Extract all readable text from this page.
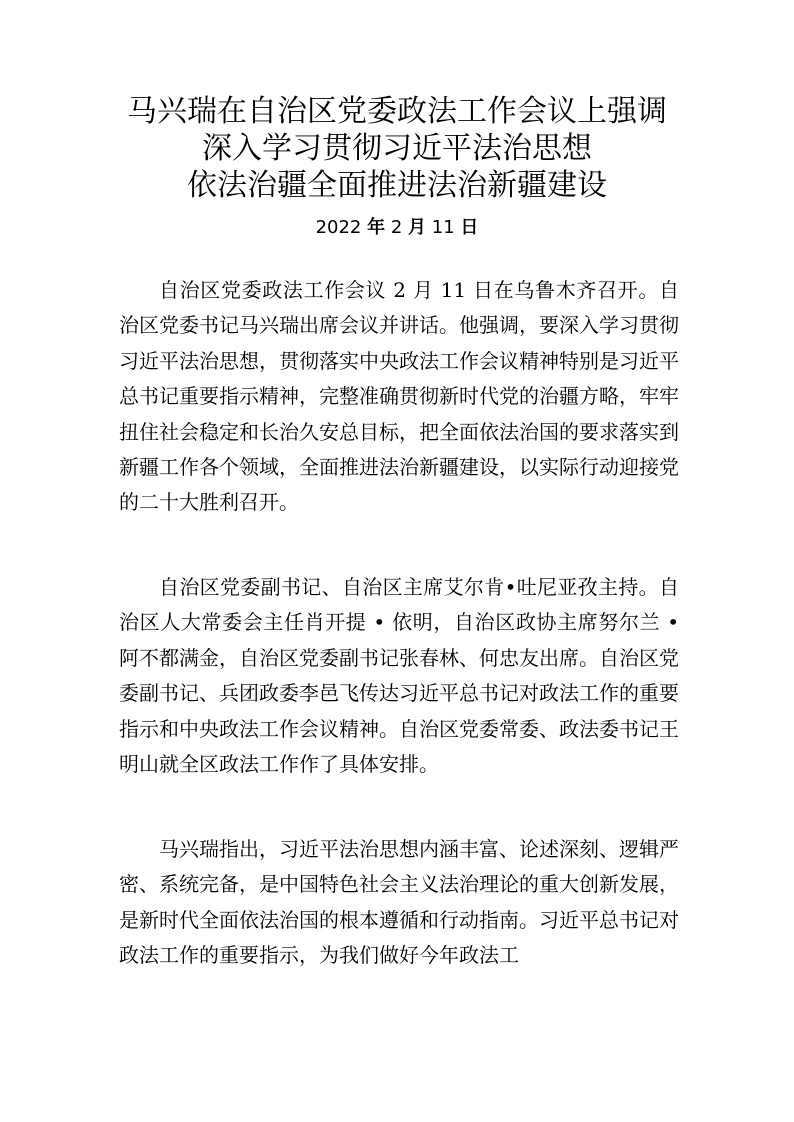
马兴瑞在自治区党委政法工作会议上强调
深入学习贯彻习近平法治思想
依法治疆全面推进法治新疆建设
2022 年 2 月 11 日

自治区党委政法工作会议 2 月 11 日在乌鲁木齐召开。自治区党委书记马兴瑞出席会议并讲话。他强调，要深入学习贯彻习近平法治思想，贯彻落实中央政法工作会议精神特别是习近平总书记重要指示精神，完整准确贯彻新时代党的治疆方略，牢牢扭住社会稳定和长治久安总目标，把全面依法治国的要求落实到新疆工作各个领域，全面推进法治新疆建设，以实际行动迎接党的二十大胜利召开。

自治区党委副书记、自治区主席艾尔肯•吐尼亚孜主持。自治区人大常委会主任肖开提 • 依明，自治区政协主席努尔兰 • 阿不都满金，自治区党委副书记张春林、何忠友出席。自治区党委副书记、兵团政委李邑飞传达习近平总书记对政法工作的重要指示和中央政法工作会议精神。自治区党委常委、政法委书记王明山就全区政法工作作了具体安排。

马兴瑞指出，习近平法治思想内涵丰富、论述深刻、逻辑严密、系统完备，是中国特色社会主义法治理论的重大创新发展，是新时代全面依法治国的根本遵循和行动指南。习近平总书记对政法工作的重要指示，为我们做好今年政法工
